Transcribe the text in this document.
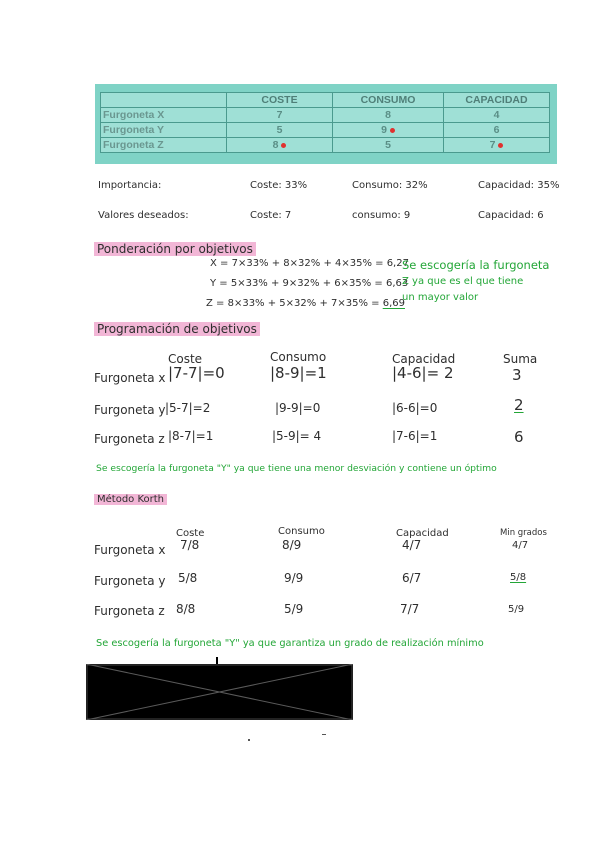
	COSTE	CONSUMO	CAPACIDAD
Furgoneta X	7	8	4
Furgoneta Y	5	9	6
Furgoneta Z	8	5	7
Importancia:	Coste: 33%	Consumo: 32%	Capacidad: 35%
Valores deseados:	Coste: 7	consumo: 9	Capacidad: 6
Ponderación por objetivos
X = 7×33% + 8×32% + 4×35% = 6,27
Y = 5×33% + 9×32% + 6×35% = 6,63
Z = 8×33% + 5×32% + 7×35% = 6,69
Se escogería la furgoneta
Z ya que es el que tiene
un mayor valor
Programación de objetivos
Coste	Consumo	Capacidad	Suma
Furgoneta x |7-7|=0	|8-9|=1	|4-6|= 2	3
Furgoneta y |5-7|=2	|9-9|=0	|6-6|=0	2
Furgoneta z |8-7|=1	|5-9|= 4	|7-6|=1	6
Se escogería la furgoneta "Y" ya que tiene una menor desviación y contiene un óptimo
Método Korth
Coste	Consumo	Capacidad	Min grados
Furgoneta x 7/8	8/9	4/7	4/7
Furgoneta y 5/8	9/9	6/7	5/8
Furgoneta z 8/8	5/9	7/7	5/9
Se escogería la furgoneta "Y" ya que garantiza un grado de realización mínimo
